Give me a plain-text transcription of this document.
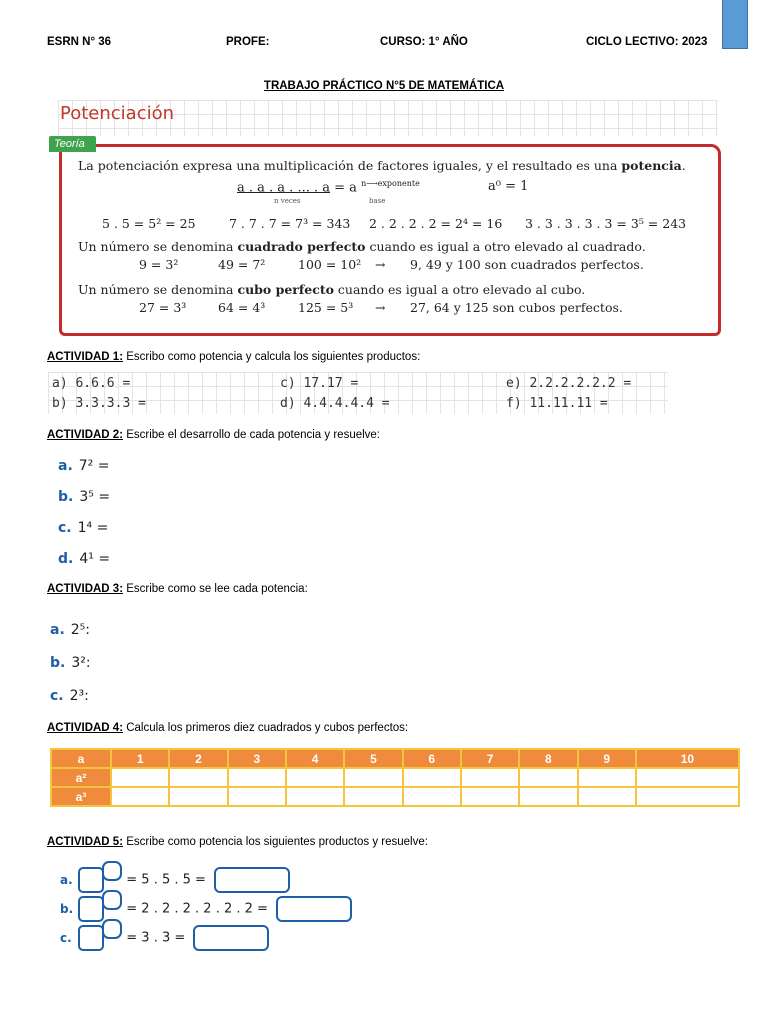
ESRN N° 36	PROFE:	CURSO: 1° AÑO	CICLO LECTIVO: 2023
TRABAJO PRÁCTICO N°5 DE MATEMÁTICA
Potenciación
La potenciación expresa una multiplicación de factores iguales, y el resultado es una potencia.
a . a . a . ... . a = a $^{n⟶exponente}$
n veces	base
a⁰ = 1
5 . 5 = 5² = 25	7 . 7 . 7 = 7³ = 343 2 . 2 . 2 . 2 = 2⁴ = 16 3 . 3 . 3 . 3 . 3 = 3⁵ = 243
Un número se denomina cuadrado perfecto cuando es igual a otro elevado al cuadrado.
9 = 3²	49 = 7²	100 = 10² → 9, 49 y 100 son cuadrados perfectos.
Un número se denomina cubo perfecto cuando es igual a otro elevado al cubo.
27 = 3³	64 = 4³	125 = 5³ → 27, 64 y 125 son cubos perfectos.
Teoría
ACTIVIDAD 1: Escribo como potencia y calcula los siguientes productos:
a) 6.6.6 =
b) 3.3.3.3 =
c) 17.17 =
d) 4.4.4.4.4 =
e) 2.2.2.2.2.2 =
f) 11.11.11 =
ACTIVIDAD 2: Escribe el desarrollo de cada potencia y resuelve:
a. 7² =
b. 3⁵ =
c. 1⁴ =
d. 4¹ =
ACTIVIDAD 3: Escribe como se lee cada potencia:
a. 2⁵:
b. 3²:
c. 2³:
ACTIVIDAD 4: Calcula los primeros diez cuadrados y cubos perfectos:
a	1	2	3	4	5	6	7	8	9	10
a²										
a³										
ACTIVIDAD 5: Escribe como potencia los siguientes productos y resuelve:
a.	= 5 . 5 . 5 =
b.	= 2 . 2 . 2 . 2 . 2 . 2 =
c.	= 3 . 3 =
